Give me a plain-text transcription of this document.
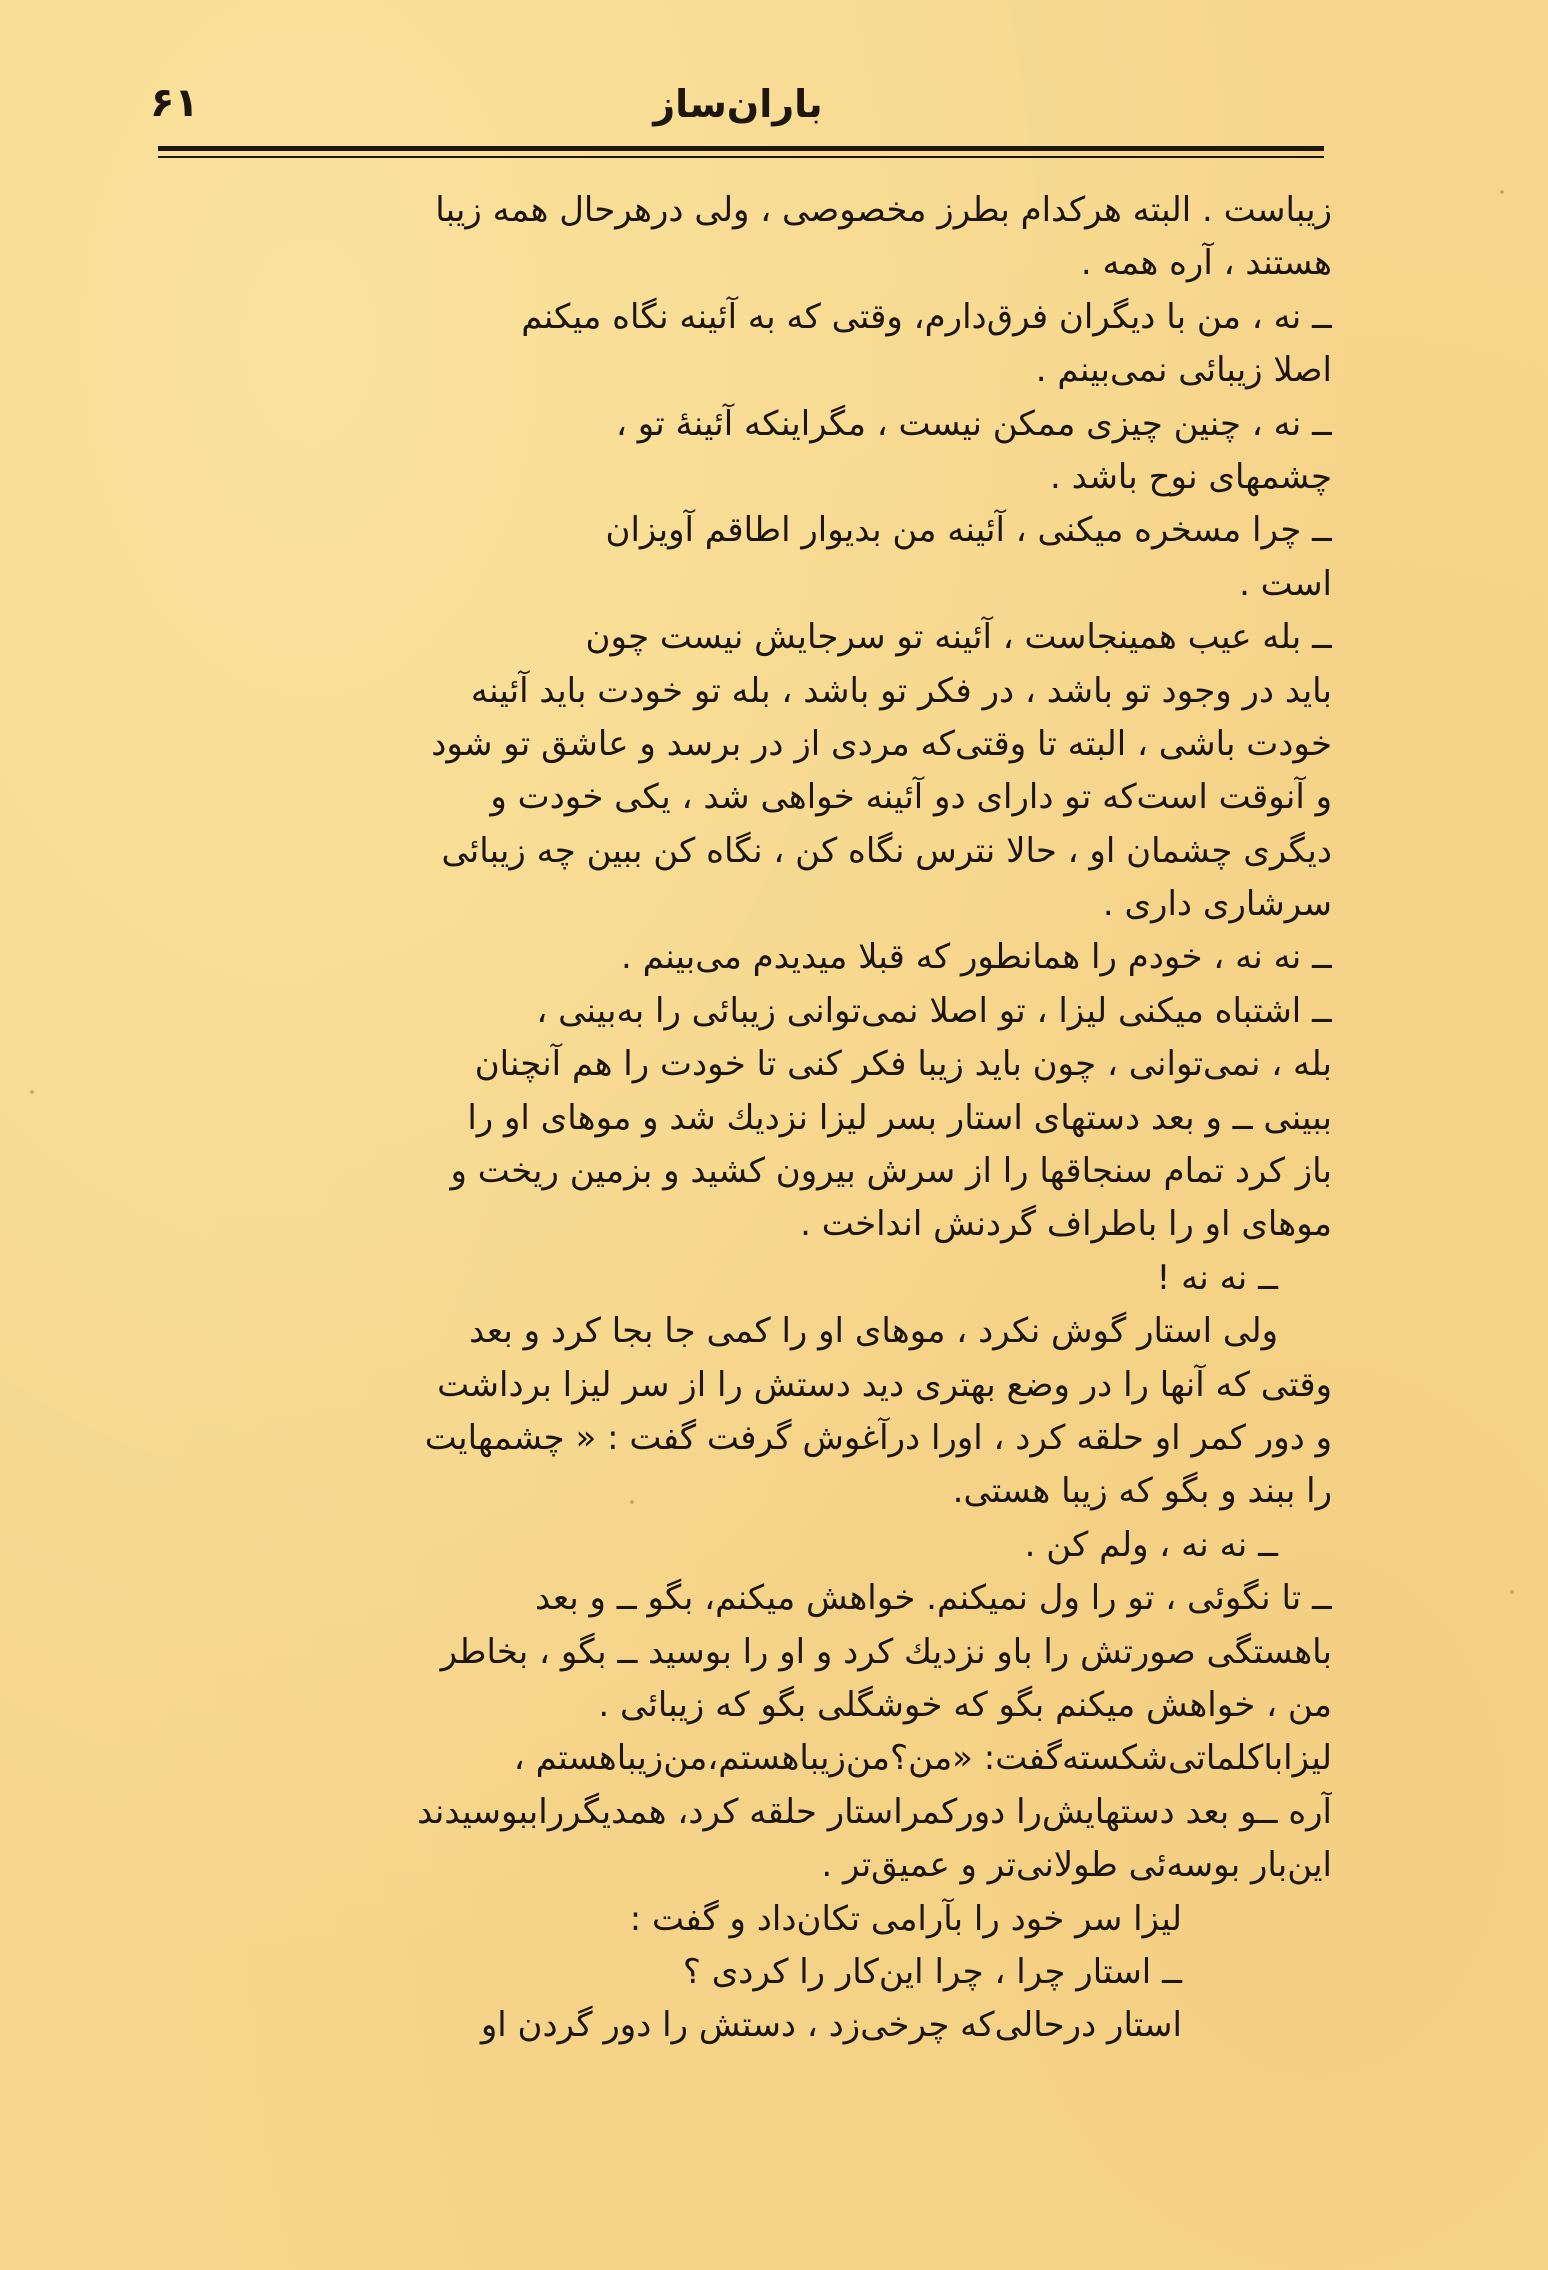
باران‌ساز
۶۱
زیباست . البته هرکدام بطرز مخصوصی ، ولی درهرحال همه زیبا
هستند ، آره همه .
ــ نه ، من با دیگران فرق‌دارم، وقتی که به آئینه نگاه میکنم
اصلا زیبائی نمی‌بینم .
ــ نه ، چنین چیزی ممکن نیست ، مگراینکه آئینهٔ تو ،
چشمهای نوح باشد .
ــ چرا مسخره میکنی ، آئینه من بدیوار اطاقم آویزان
است .
ــ بله عیب همینجاست ، آئینه تو سرجایش نیست چون
باید در وجود تو باشد ، در فکر تو باشد ، بله تو خودت باید آئینه
خودت باشی ، البته تا وقتی‌که مردی از در برسد و عاشق تو شود
و آنوقت است‌که تو دارای دو آئینه خواهی شد ، یکی خودت و
دیگری چشمان او ، حالا نترس نگاه کن ، نگاه کن ببین چه زیبائی
سرشاری داری .
ــ نه نه ، خودم را همانطور که قبلا میدیدم می‌بینم .
ــ اشتباه میکنی لیزا ، تو اصلا نمی‌توانی زیبائی را به‌بینی ،
بله ، نمی‌توانی ، چون باید زیبا فکر کنی تا خودت را هم آنچنان
ببینی ــ و بعد دستهای استار بسر لیزا نزدیك شد و موهای او را
باز کرد تمام سنجاقها را از سرش بیرون کشید و بزمین ریخت و
موهای او را باطراف گردنش انداخت .
ــ نه نه !
ولی استار گوش نکرد ، موهای او را کمی جا بجا کرد و بعد
وقتی که آنها را در وضع بهتری دید دستش را از سر لیزا برداشت
و دور کمر او حلقه کرد ، اورا درآغوش گرفت گفت : « چشمهایت
را ببند و بگو که زیبا هستی.
ــ نه نه ، ولم کن .
ــ تا نگوئی ، تو را ول نمیکنم. خواهش میکنم، بگو ــ و بعد
باهستگی صورتش را باو نزدیك کرد و او را بوسید ــ بگو ، بخاطر
من ، خواهش میکنم بگو که خوشگلی بگو که زیبائی .
لیزاباکلماتی‌شکسته‌گفت: «من؟من‌زیباهستم،من‌زیباهستم ،
آره ــو بعد دستهایش‌را دورکمراستار حلقه کرد، همدیگرراببوسیدند
این‌بار بوسه‌ئی طولانی‌تر و عمیق‌تر .
لیزا سر خود را بآرامی تکان‌داد و گفت :
ــ استار چرا ، چرا این‌کار را کردی ؟
استار درحالی‌که چرخی‌زد ، دستش را دور گردن او
